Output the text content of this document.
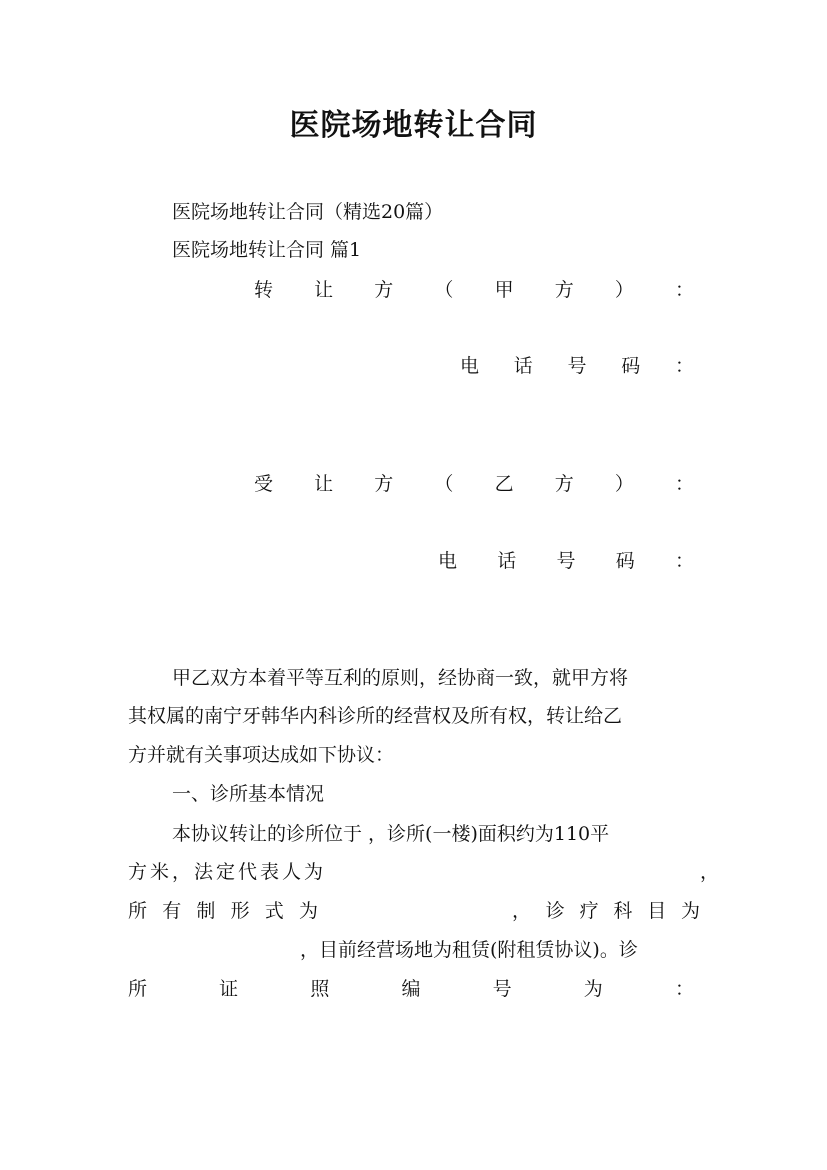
医院场地转让合同
医院场地转让合同（精选20篇）
医院场地转让合同 篇1
转 让 方 （ 甲 方 ） ：
电 话 号 码 ：
受 让 方 （ 乙 方 ） ：
电 话 号 码 ：
甲乙双方本着平等互利的原则，经协商一致，就甲方将
其权属的南宁牙韩华内科诊所的经营权及所有权，转让给乙
方并就有关事项达成如下协议：
一、诊所基本情况
本协议转让的诊所位于 ，诊所(一楼)面积约为110平
方米，法定代表人为	，
所 有 制 形 式 为	， 诊 疗 科 目 为
，目前经营场地为租赁(附租赁协议)。诊
所	证	照	编	号	为	：
